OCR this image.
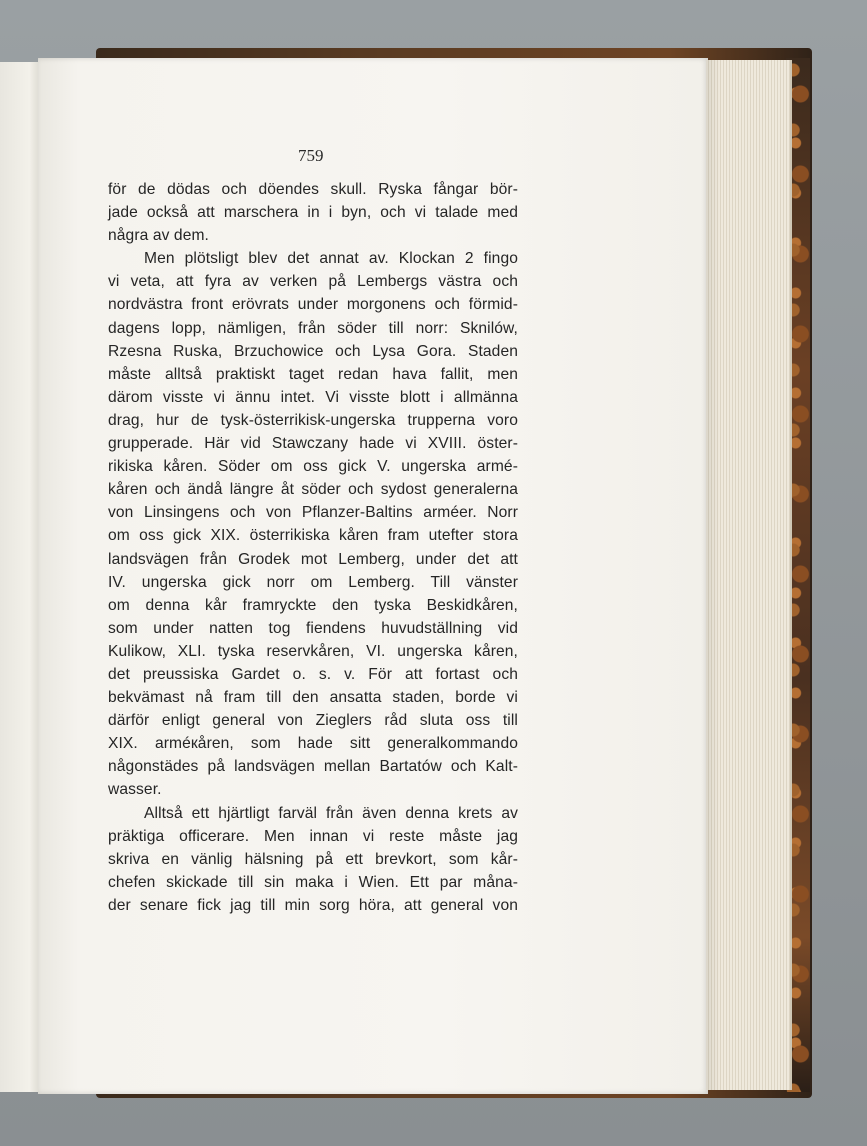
759
för de dödas och döendes skull. Ryska fångar bör-
jade också att marschera in i byn, och vi talade med
några av dem.
Men plötsligt blev det annat av. Klockan 2 fingo
vi veta, att fyra av verken på Lembergs västra och
nordvästra front erövrats under morgonens och förmid-
dagens lopp, nämligen, från söder till norr: Sknilów,
Rzesna Ruska, Brzuchowice och Lysa Gora. Staden
måste alltså praktiskt taget redan hava fallit, men
därom visste vi ännu intet. Vi visste blott i allmänna
drag, hur de tysk-österrikisk-ungerska trupperna voro
grupperade. Här vid Stawczany hade vi XVIII. öster-
rikiska kåren. Söder om oss gick V. ungerska armé-
kåren och ändå längre åt söder och sydost generalerna
von Linsingens och von Pflanzer-Baltins arméer. Norr
om oss gick XIX. österrikiska kåren fram utefter stora
landsvägen från Grodek mot Lemberg, under det att
IV. ungerska gick norr om Lemberg. Till vänster
om denna kår framryckte den tyska Beskidkåren,
som under natten tog fiendens huvudställning vid
Kulikow, XLI. tyska reservkåren, VI. ungerska kåren,
det preussiska Gardet o. s. v. För att fortast och
bekvämast nå fram till den ansatta staden, borde vi
därför enligt general von Zieglers råd sluta oss till
XIX. arméкåren, som hade sitt generalkommando
någonstädes på landsvägen mellan Bartatów och Kalt-
wasser.
Alltså ett hjärtligt farväl från även denna krets av
präktiga officerare. Men innan vi reste måste jag
skriva en vänlig hälsning på ett brevkort, som kår-
chefen skickade till sin maka i Wien. Ett par måna-
der senare fick jag till min sorg höra, att general von
